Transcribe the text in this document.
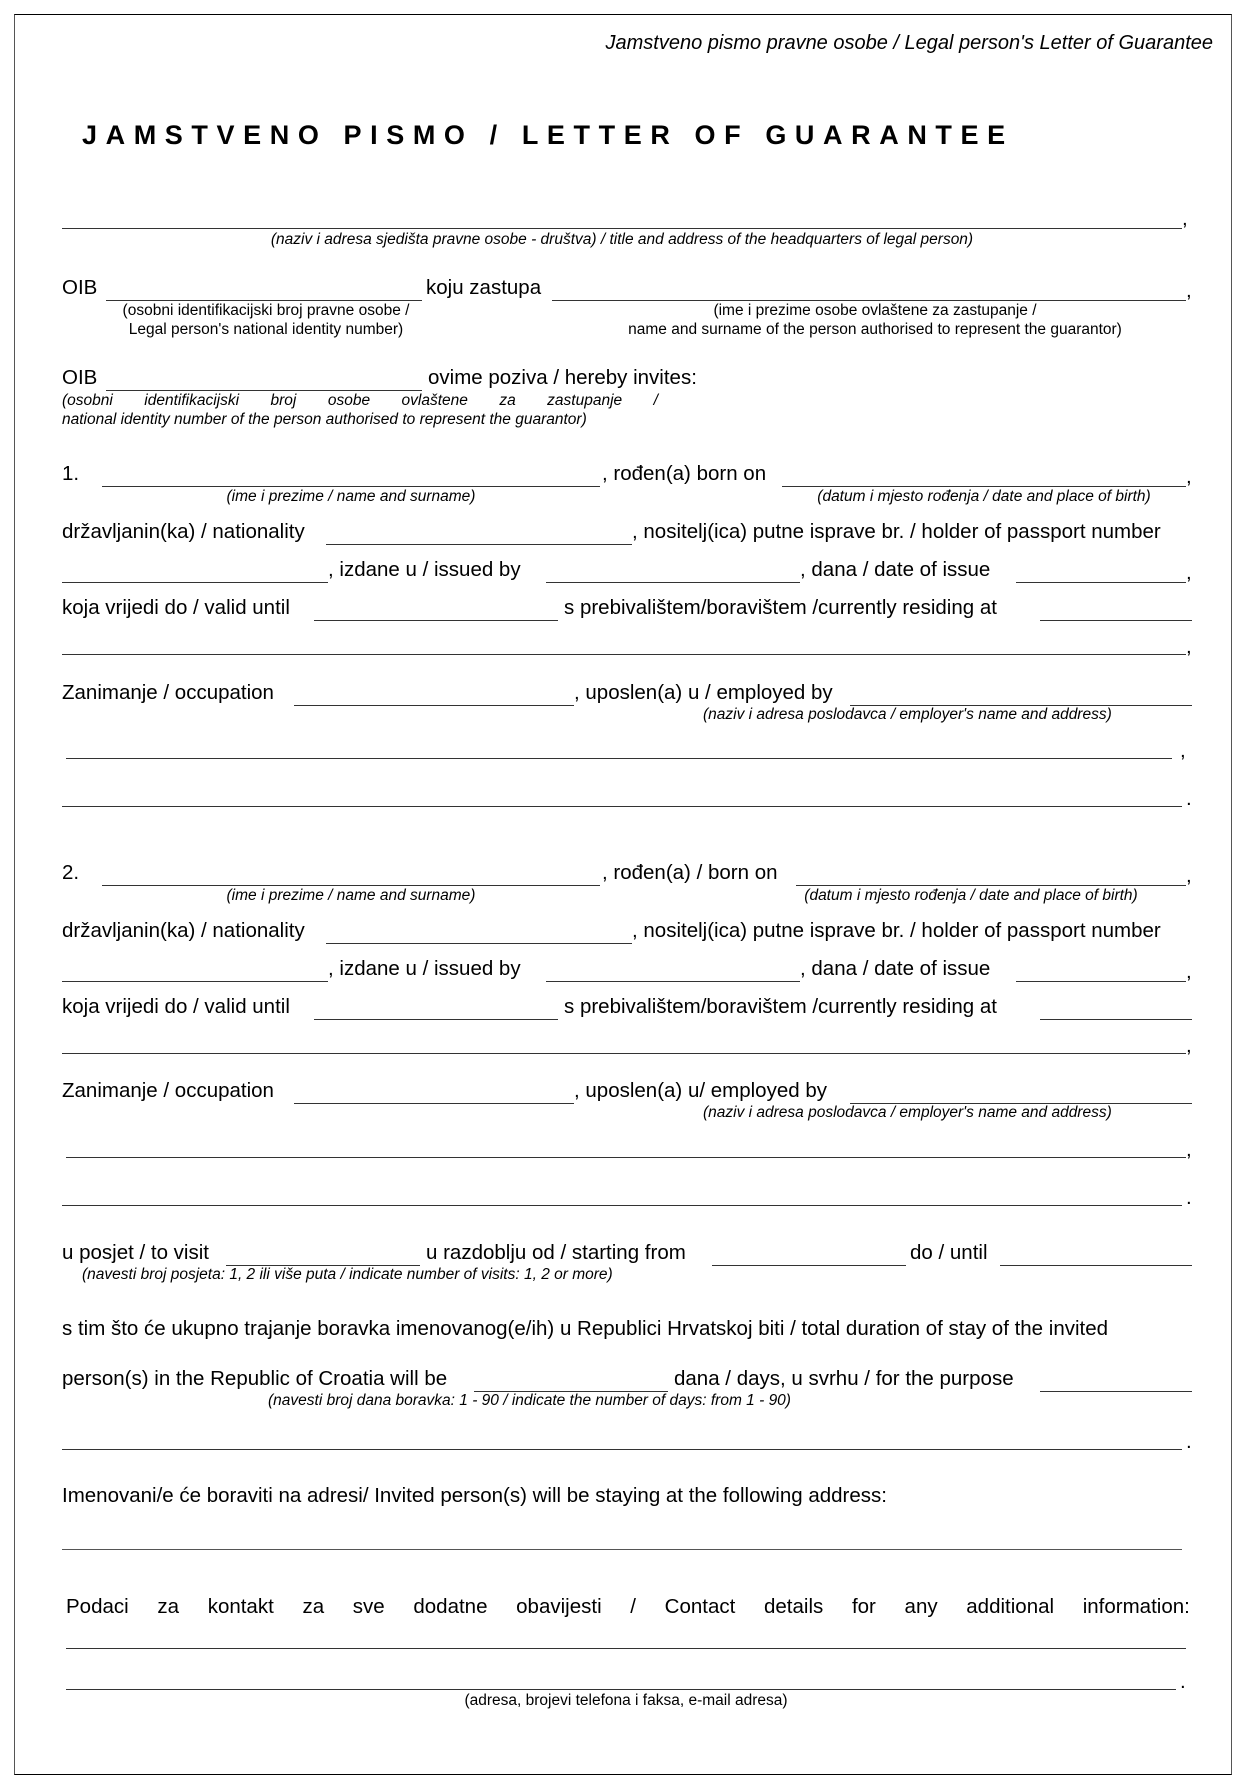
Jamstveno pismo pravne osobe / Legal person's Letter of Guarantee
JAMSTVENO PISMO / LETTER OF GUARANTEE
,
(naziv i adresa sjedišta pravne osobe - društva) / title and address of the headquarters of legal person)
OIB	koju zastupa	,
(osobni identifikacijski broj pravne osobe /
Legal person's national identity number)
(ime i prezime osobe ovlaštene za zastupanje /
name and surname of the person authorised to represent the guarantor)
OIB	ovime poziva / hereby invites:
(osobni identifikacijski broj osobe ovlaštene za zastupanje /
national identity number of the person authorised to represent the guarantor)
1.	, rođen(a) born on	,
(ime i prezime / name and surname)	(datum i mjesto rođenja / date and place of birth)
državljanin(ka) / nationality	, nositelj(ica) putne isprave br. / holder of passport number
, izdane u / issued by	, dana / date of issue	,
koja vrijedi do / valid until	s prebivalištem/boravištem /currently residing at
,
Zanimanje / occupation	, uposlen(a) u / employed by
(naziv i adresa poslodavca / employer's name and address)
,
.
2.	, rođen(a) / born on	,
(ime i prezime / name and surname)	(datum i mjesto rođenja / date and place of birth)
državljanin(ka) / nationality	, nositelj(ica) putne isprave br. / holder of passport number
, izdane u / issued by	, dana / date of issue	,
koja vrijedi do / valid until	s prebivalištem/boravištem /currently residing at
,
Zanimanje / occupation	, uposlen(a) u/ employed by
(naziv i adresa poslodavca / employer's name and address)
,
.
u posjet / to visit	u razdoblju od / starting from	do / until
(navesti broj posjeta: 1, 2 ili više puta / indicate number of visits: 1, 2 or more)
s tim što će ukupno trajanje boravka imenovanog(e/ih) u Republici Hrvatskoj biti / total duration of stay of the invited
person(s) in the Republic of Croatia will be	dana / days, u svrhu / for the purpose
(navesti broj dana boravka: 1 - 90 / indicate the number of days: from 1 - 90)
.
Imenovani/e će boraviti na adresi/ Invited person(s) will be staying at the following address:
Podaci za kontakt za sve dodatne obavijesti / Contact details for any additional information:
.
(adresa, brojevi telefona i faksa, e-mail adresa)
